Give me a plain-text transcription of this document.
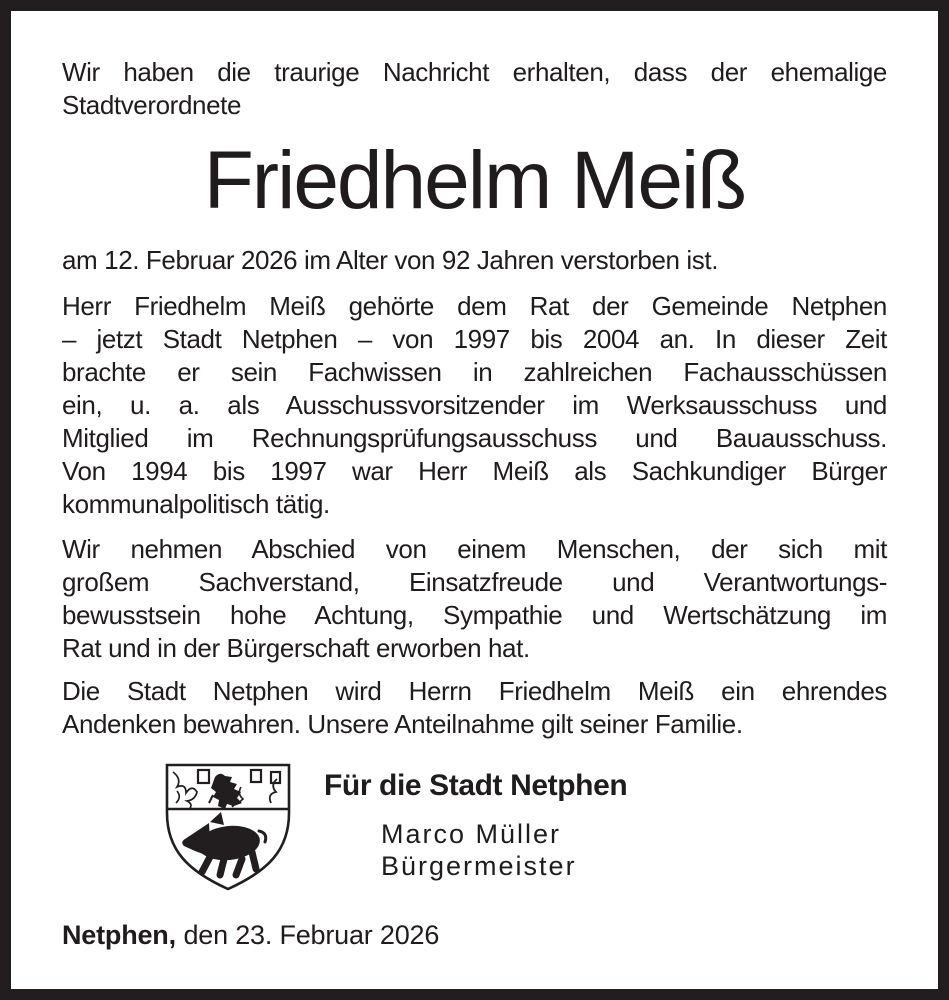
Wir haben die traurige Nachricht erhalten, dass der ehemalige
Stadtverordnete
Friedhelm Meiß
am 12. Februar 2026 im Alter von 92 Jahren verstorben ist.
Herr Friedhelm Meiß gehörte dem Rat der Gemeinde Netphen
– jetzt Stadt Netphen – von 1997 bis 2004 an. In dieser Zeit
brachte er sein Fachwissen in zahlreichen Fachausschüssen
ein, u. a. als Ausschussvorsitzender im Werksausschuss und
Mitglied im Rechnungsprüfungsausschuss und Bauausschuss.
Von 1994 bis 1997 war Herr Meiß als Sachkundiger Bürger
kommunalpolitisch tätig.
Wir nehmen Abschied von einem Menschen, der sich mit
großem Sachverstand, Einsatzfreude und Verantwortungs-
bewusstsein hohe Achtung, Sympathie und Wertschätzung im
Rat und in der Bürgerschaft erworben hat.
Die Stadt Netphen wird Herrn Friedhelm Meiß ein ehrendes
Andenken bewahren. Unsere Anteilnahme gilt seiner Familie.
Für die Stadt Netphen
Marco Müller
Bürgermeister
Netphen, den 23. Februar 2026
